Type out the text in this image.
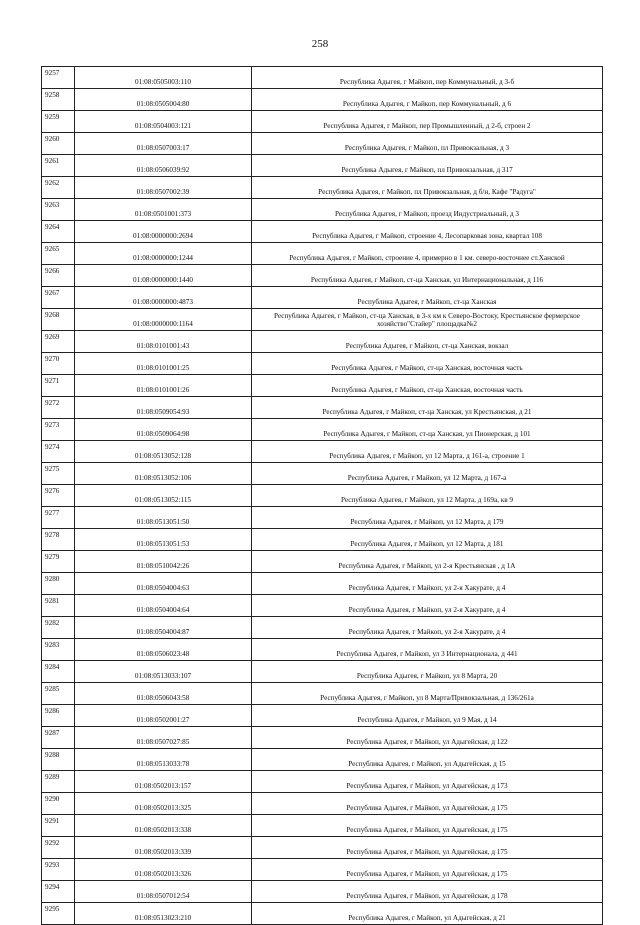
258
9257	01:08:0505003:110	Республика Адыгея, г Майкоп, пер Коммунальный, д 3-б
9258	01:08:0505004:80	Республика Адыгея, г Майкоп, пер Коммунальный, д 6
9259	01:08:0504003:121	Республика Адыгея, г Майкоп, пер Промышленный, д 2-б, строен 2
9260	01:08:0507003:17	Республика Адыгея, г Майкоп, пл Привокзальная, д 3
9261	01:08:0506039:92	Республика Адыгея, г Майкоп, пл Привокзальная, д 317
9262	01:08:0507002:39	Республика Адыгея, г Майкоп, пл Привокзальная, д б/н, Кафе "Радуга"
9263	01:08:0501001:373	Республика Адыгея, г Майкоп, проезд Индустриальный, д 3
9264	01:08:0000000:2694	Республика Адыгея, г Майкоп, строение 4, Лесопарковая зона, квартал 108
9265	01:08:0000000:1244	Республика Адыгея, г Майкоп, строение 4, примерно в 1 км. северо-восточнее ст.Ханской
9266	01:08:0000000:1440	Республика Адыгея, г Майкоп, ст-ца Ханская, ул Интернациональная, д 116
9267	01:08:0000000:4873	Республика Адыгея, г Майкоп, ст-ца Ханская
9268	01:08:0000000:1164	Республика Адыгея, г Майкоп, ст-ца Ханская, в 3-х км к Северо-Востоку, Крестьянское фермерское хозяйство"Стайер" площадка№2
9269	01:08:0101001:43	Республика Адыгея, г Майкоп, ст-ца Ханская, вокзал
9270	01:08:0101001:25	Республика Адыгея, г Майкоп, ст-ца Ханская, восточная часть
9271	01:08:0101001:26	Республика Адыгея, г Майкоп, ст-ца Ханская, восточная часть
9272	01:08:0509054:93	Республика Адыгея, г Майкоп, ст-ца Ханская, ул Крестьянская, д 21
9273	01:08:0509064:98	Республика Адыгея, г Майкоп, ст-ца Ханская, ул Пионерская, д 101
9274	01:08:0513052:128	Республика Адыгея, г Майкоп, ул 12 Марта, д 161-а, строение 1
9275	01:08:0513052:106	Республика Адыгея, г Майкоп, ул 12 Марта, д 167-а
9276	01:08:0513052:115	Республика Адыгея, г Майкоп, ул 12 Марта, д 169а, кв 9
9277	01:08:0513051:50	Республика Адыгея, г Майкоп, ул 12 Марта, д 179
9278	01:08:0513051:53	Республика Адыгея, г Майкоп, ул 12 Марта, д 181
9279	01:08:0510042:26	Республика Адыгея, г Майкоп, ул 2-я Крестьянская , д 1А
9280	01:08:0504004:63	Республика Адыгея, г Майкоп, ул 2-я Хакурате, д 4
9281	01:08:0504004:64	Республика Адыгея, г Майкоп, ул 2-я Хакурате, д 4
9282	01:08:0504004:87	Республика Адыгея, г Майкоп, ул 2-я Хакурате, д 4
9283	01:08:0506023:48	Республика Адыгея, г Майкоп, ул 3 Интернационала, д 441
9284	01:08:0513033:107	Республика Адыгея, г Майкоп, ул 8 Марта, 20
9285	01:08:0506043:58	Республика Адыгея, г Майкоп, ул 8 Марта/Привокзальная, д 136/261а
9286	01:08:0502001:27	Республика Адыгея, г Майкоп, ул 9 Мая, д 14
9287	01:08:0507027:85	Республика Адыгея, г Майкоп, ул Адыгейская, д 122
9288	01:08:0513033:78	Республика Адыгея, г Майкоп, ул Адыгейская, д 15
9289	01:08:0502013:157	Республика Адыгея, г Майкоп, ул Адыгейская, д 173
9290	01:08:0502013:325	Республика Адыгея, г Майкоп, ул Адыгейская, д 175
9291	01:08:0502013:338	Республика Адыгея, г Майкоп, ул Адыгейская, д 175
9292	01:08:0502013:339	Республика Адыгея, г Майкоп, ул Адыгейская, д 175
9293	01:08:0502013:326	Республика Адыгея, г Майкоп, ул Адыгейская, д 175
9294	01:08:0507012:54	Республика Адыгея, г Майкоп, ул Адыгейская, д 178
9295	01:08:0513023:210	Республика Адыгея, г Майкоп, ул Адыгейская, д 21
